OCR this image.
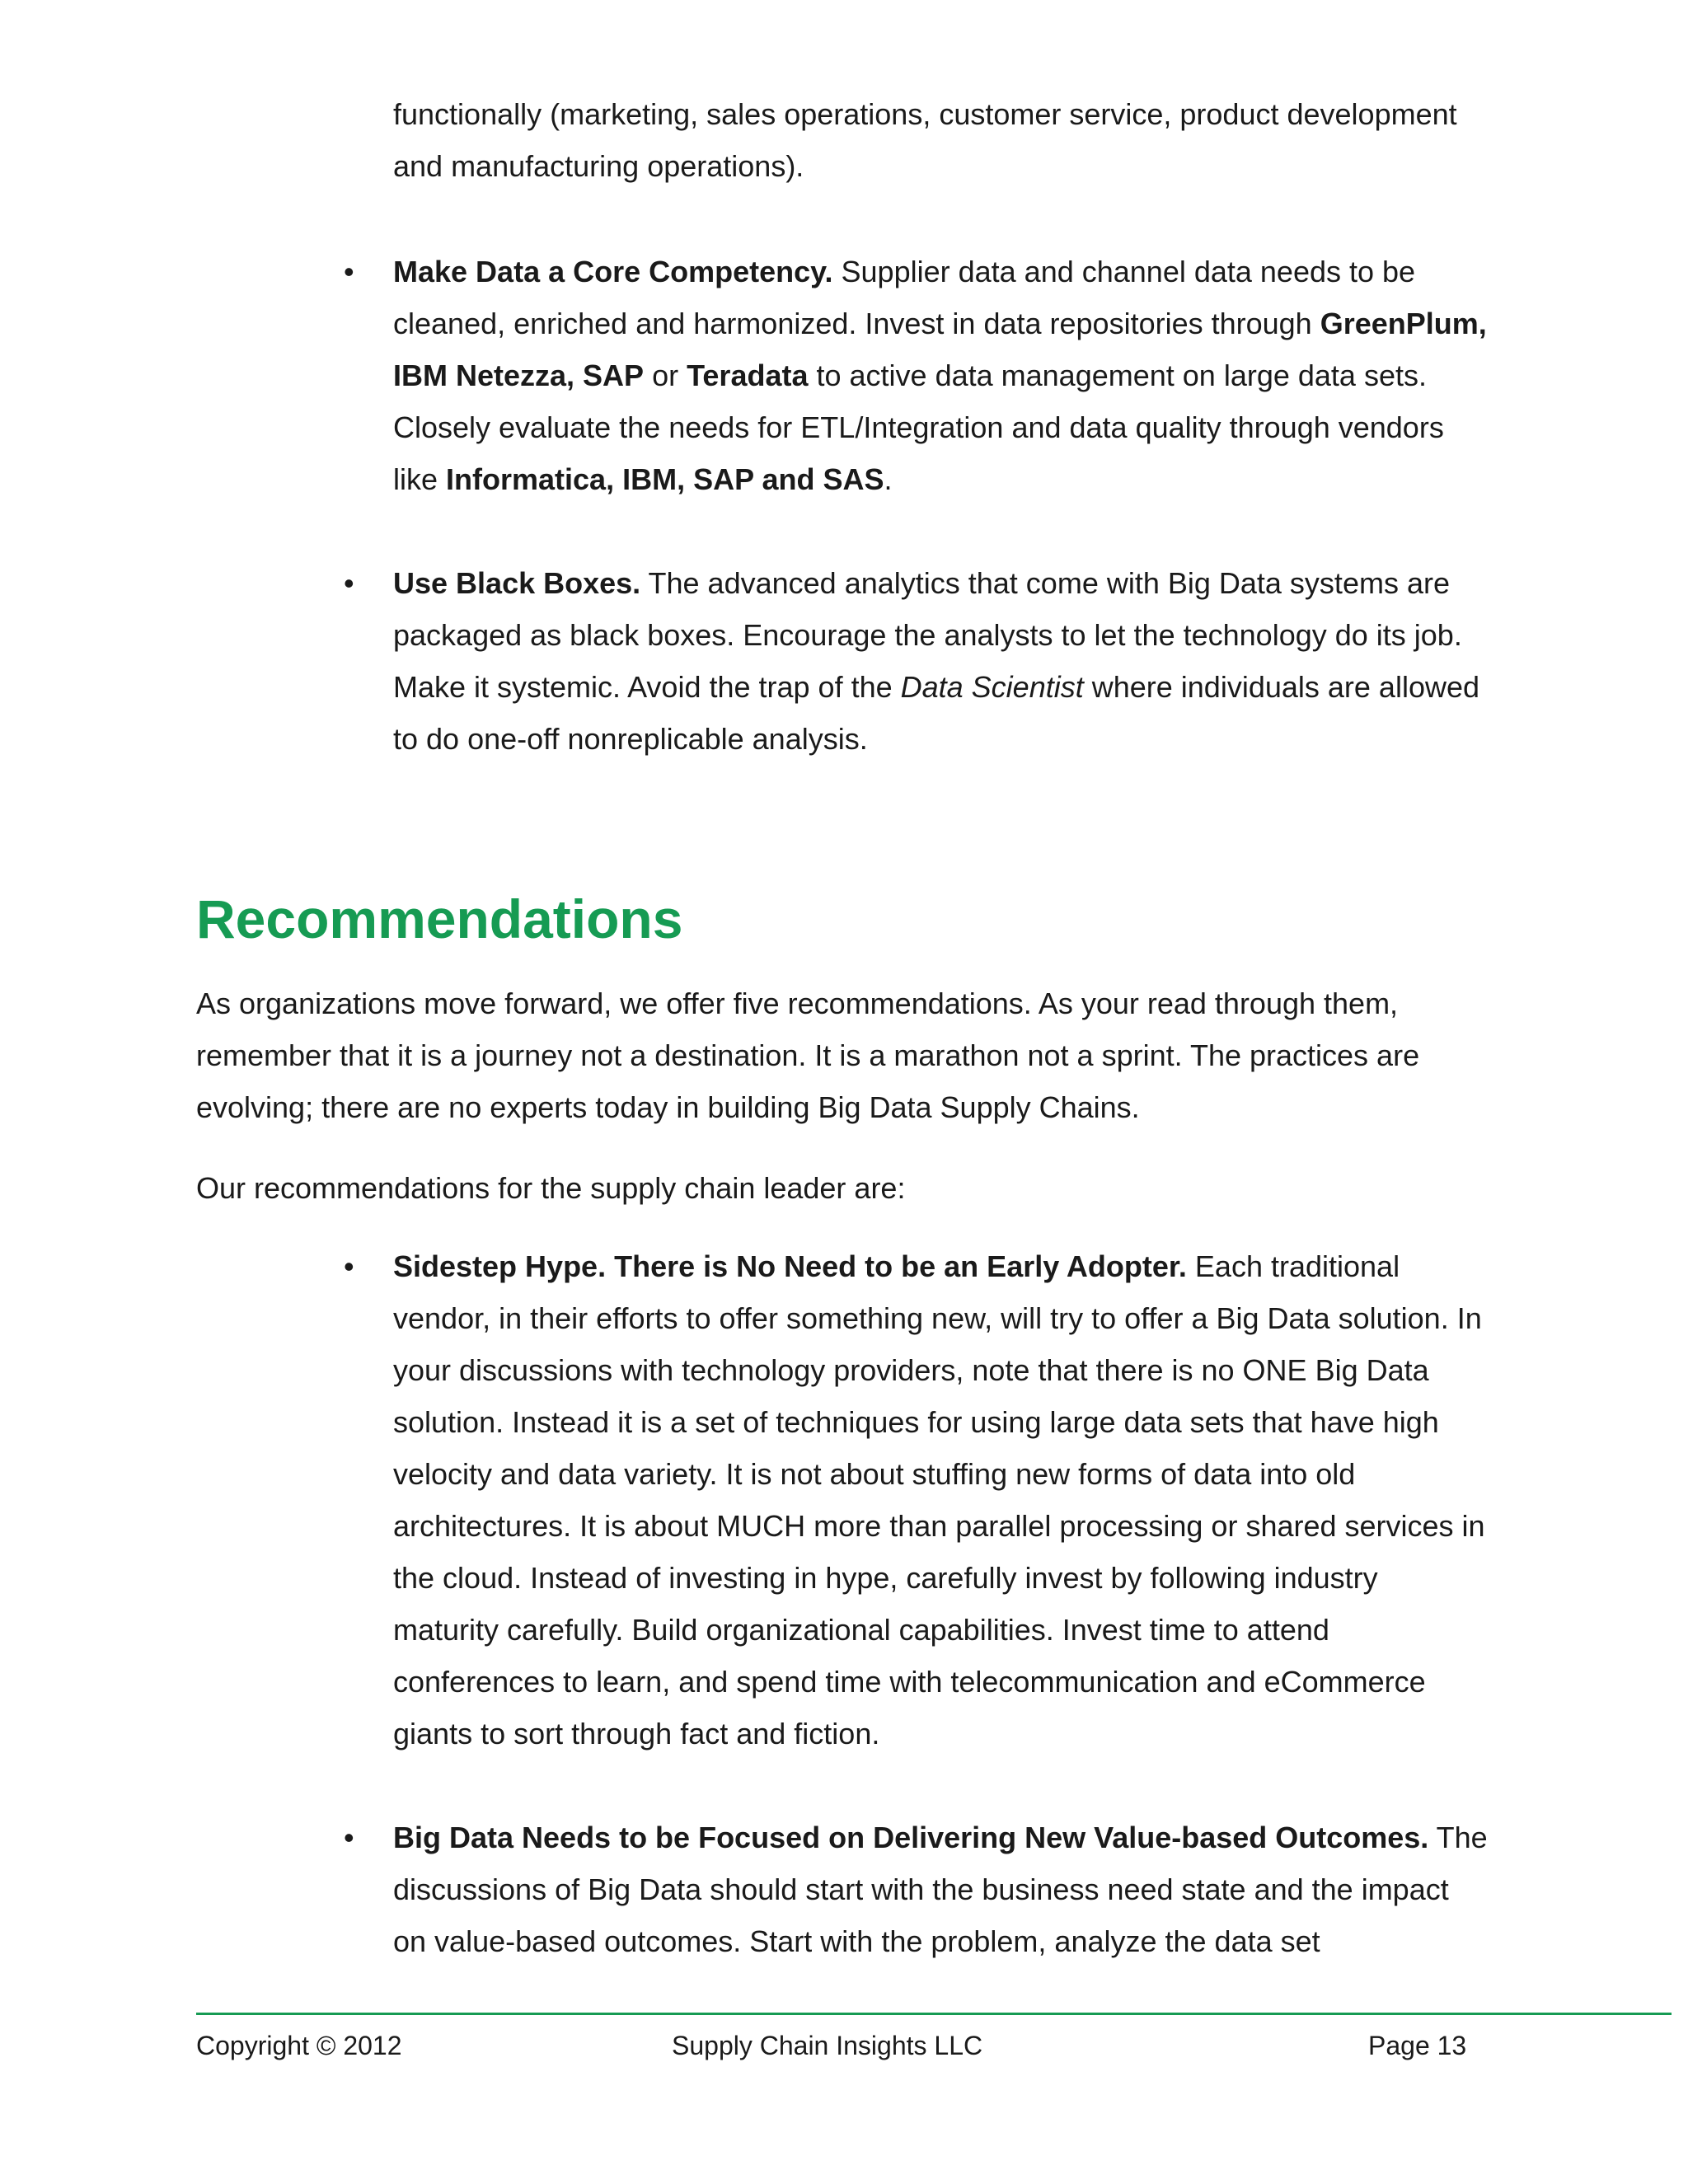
functionally (marketing, sales operations, customer service, product development

and manufacturing operations).

•	Make Data a Core Competency. Supplier data and channel data needs to be cleaned, enriched and harmonized. Invest in data repositories through GreenPlum, IBM Netezza, SAP or Teradata to active data management on large data sets. Closely evaluate the needs for ETL/Integration and data quality through vendors like Informatica, IBM, SAP and SAS.

•	Use Black Boxes. The advanced analytics that come with Big Data systems are packaged as black boxes. Encourage the analysts to let the technology do its job. Make it systemic. Avoid the trap of the Data Scientist where individuals are allowed to do one-off nonreplicable analysis.

Recommendations

As organizations move forward, we offer five recommendations. As your read through them, remember that it is a journey not a destination. It is a marathon not a sprint. The practices are evolving; there are no experts today in building Big Data Supply Chains.

Our recommendations for the supply chain leader are:

•	Sidestep Hype. There is No Need to be an Early Adopter. Each traditional vendor, in their efforts to offer something new, will try to offer a Big Data solution. In your discussions with technology providers, note that there is no ONE Big Data solution. Instead it is a set of techniques for using large data sets that have high velocity and data variety. It is not about stuffing new forms of data into old architectures. It is about MUCH more than parallel processing or shared services in the cloud. Instead of investing in hype, carefully invest by following industry maturity carefully. Build organizational capabilities. Invest time to attend conferences to learn, and spend time with telecommunication and eCommerce giants to sort through fact and fiction.

•	Big Data Needs to be Focused on Delivering New Value-based Outcomes. The discussions of Big Data should start with the business need state and the impact on value-based outcomes. Start with the problem, analyze the data set

Copyright © 2012	Supply Chain Insights LLC	Page 13
